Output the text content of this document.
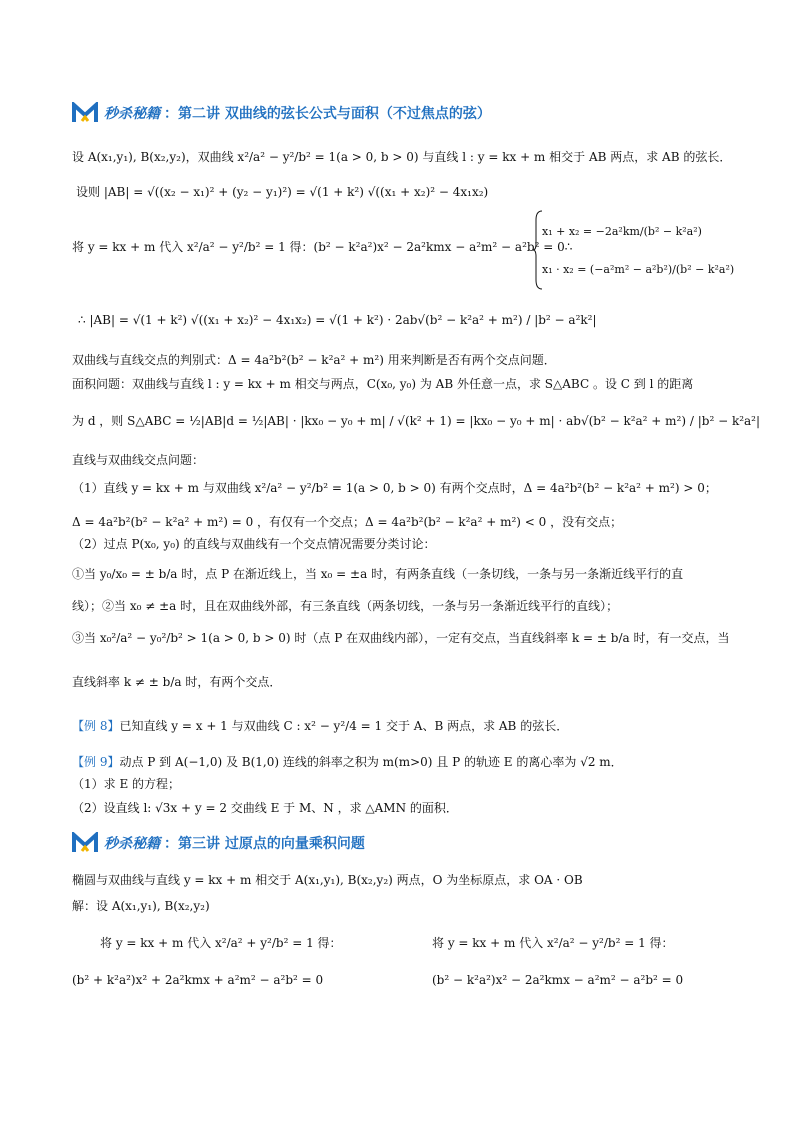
秒杀秘籍 ： 第二讲 双曲线的弦长公式与面积（不过焦点的弦）
设 A(x₁,y₁), B(x₂,y₂)，双曲线 x²/a² − y²/b² = 1(a > 0, b > 0) 与直线 l : y = kx + m 相交于 AB 两点，求 AB 的弦长．
设则 |AB| = √((x₂ − x₁)² + (y₂ − y₁)²) = √(1 + k²) √((x₁ + x₂)² − 4x₁x₂)
将 y = kx + m 代入 x²/a² − y²/b² = 1 得：(b² − k²a²)x² − 2a²kmx − a²m² − a²b² = 0∴
x₁ + x₂ = −2a²km/(b² − k²a²)
x₁ · x₂ = (−a²m² − a²b²)/(b² − k²a²)
∴ |AB| = √(1 + k²) √((x₁ + x₂)² − 4x₁x₂) = √(1 + k²) · 2ab√(b² − k²a² + m²) / |b² − a²k²|
双曲线与直线交点的判别式：Δ = 4a²b²(b² − k²a² + m²) 用来判断是否有两个交点问题．
面积问题：双曲线与直线 l : y = kx + m 相交与两点，C(x₀, y₀) 为 AB 外任意一点，求 S△ABC 。设 C 到 l 的距离
为 d ，则 S△ABC = ½|AB|d = ½|AB| · |kx₀ − y₀ + m| / √(k² + 1) = |kx₀ − y₀ + m| · ab√(b² − k²a² + m²) / |b² − k²a²|
直线与双曲线交点问题：
（1）直线 y = kx + m 与双曲线 x²/a² − y²/b² = 1(a > 0, b > 0) 有两个交点时，Δ = 4a²b²(b² − k²a² + m²) > 0；
Δ = 4a²b²(b² − k²a² + m²) = 0 ，有仅有一个交点；Δ = 4a²b²(b² − k²a² + m²) < 0 ，没有交点；
（2）过点 P(x₀, y₀) 的直线与双曲线有一个交点情况需要分类讨论：
①当 y₀/x₀ = ± b/a 时，点 P 在渐近线上，当 x₀ = ±a 时，有两条直线（一条切线，一条与另一条渐近线平行的直
线）；②当 x₀ ≠ ±a 时，且在双曲线外部，有三条直线（两条切线，一条与另一条渐近线平行的直线）；
③当 x₀²/a² − y₀²/b² > 1(a > 0, b > 0) 时（点 P 在双曲线内部），一定有交点，当直线斜率 k = ± b/a 时，有一交点，当
直线斜率 k ≠ ± b/a 时，有两个交点．
【例 8】已知直线 y = x + 1 与双曲线 C : x² − y²/4 = 1 交于 A、B 两点，求 AB 的弦长．
【例 9】动点 P 到 A(−1,0) 及 B(1,0) 连线的斜率之积为 m(m>0) 且 P 的轨迹 E 的离心率为 √2 m．
（1）求 E 的方程；
（2）设直线 l: √3x + y = 2 交曲线 E 于 M、N ，求 △AMN 的面积．
秒杀秘籍 ： 第三讲 过原点的向量乘积问题
椭圆与双曲线与直线 y = kx + m 相交于 A(x₁,y₁), B(x₂,y₂) 两点，O 为坐标原点，求 OA · OB
解：设 A(x₁,y₁), B(x₂,y₂)
将 y = kx + m 代入 x²/a² + y²/b² = 1 得：	将 y = kx + m 代入 x²/a² − y²/b² = 1 得：
(b² + k²a²)x² + 2a²kmx + a²m² − a²b² = 0	(b² − k²a²)x² − 2a²kmx − a²m² − a²b² = 0
